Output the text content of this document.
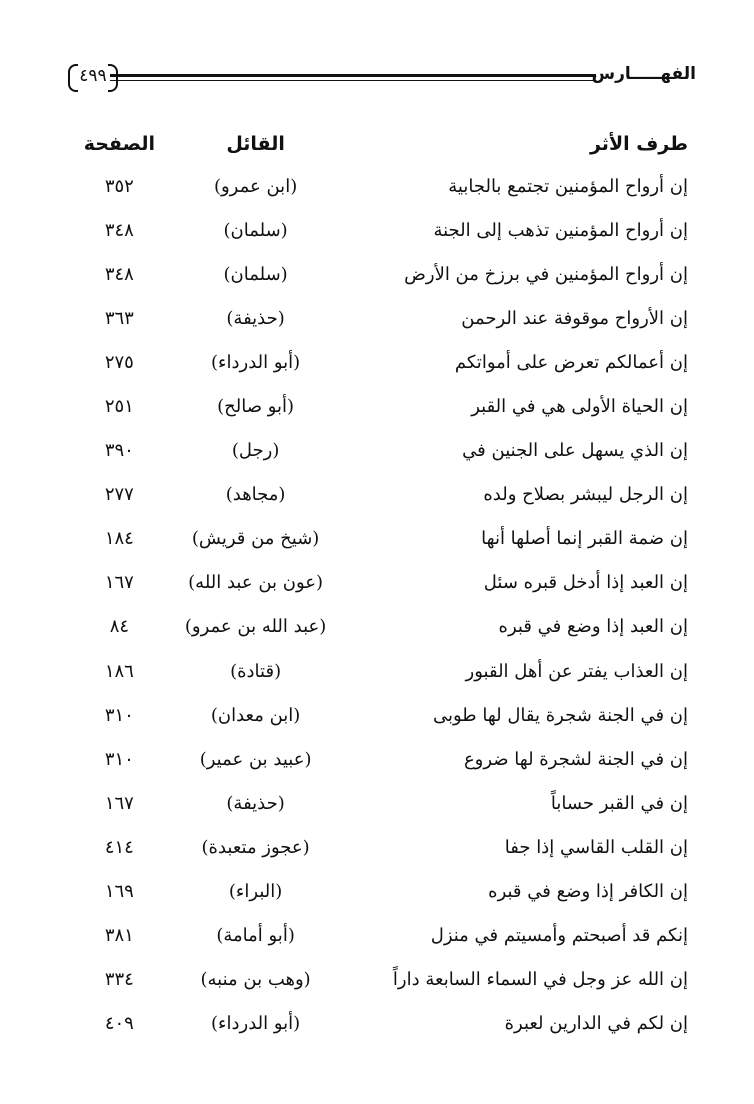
٤٩٩	الفهـــــارس
طرف الأثر
القائل
الصفحة
إن أرواح المؤمنين تجتمع بالجابية
(ابن عمرو)
٣٥٢
إن أرواح المؤمنين تذهب إلى الجنة
(سلمان)
٣٤٨
إن أرواح المؤمنين في برزخ من الأرض
(سلمان)
٣٤٨
إن الأرواح موقوفة عند الرحمن
(حذيفة)
٣٦٣
إن أعمالكم تعرض على أمواتكم
(أبو الدرداء)
٢٧٥
إن الحياة الأولى هي في القبر
(أبو صالح)
٢٥١
إن الذي يسهل على الجنين في
(رجل)
٣٩٠
إن الرجل ليبشر بصلاح ولده
(مجاهد)
٢٧٧
إن ضمة القبر إنما أصلها أنها
(شيخ من قريش)
١٨٤
إن العبد إذا أدخل قبره سئل
(عون بن عبد الله)
١٦٧
إن العبد إذا وضع في قبره
(عبد الله بن عمرو)
٨٤
إن العذاب يفتر عن أهل القبور
(قتادة)
١٨٦
إن في الجنة شجرة يقال لها طوبى
(ابن معدان)
٣١٠
إن في الجنة لشجرة لها ضروع
(عبيد بن عمير)
٣١٠
إن في القبر حساباً
(حذيفة)
١٦٧
إن القلب القاسي إذا جفا
(عجوز متعبدة)
٤١٤
إن الكافر إذا وضع في قبره
(البراء)
١٦٩
إنكم قد أصبحتم وأمسيتم في منزل
(أبو أمامة)
٣٨١
إن الله عز وجل في السماء السابعة داراً
(وهب بن منبه)
٣٣٤
إن لكم في الدارين لعبرة
(أبو الدرداء)
٤٠٩
